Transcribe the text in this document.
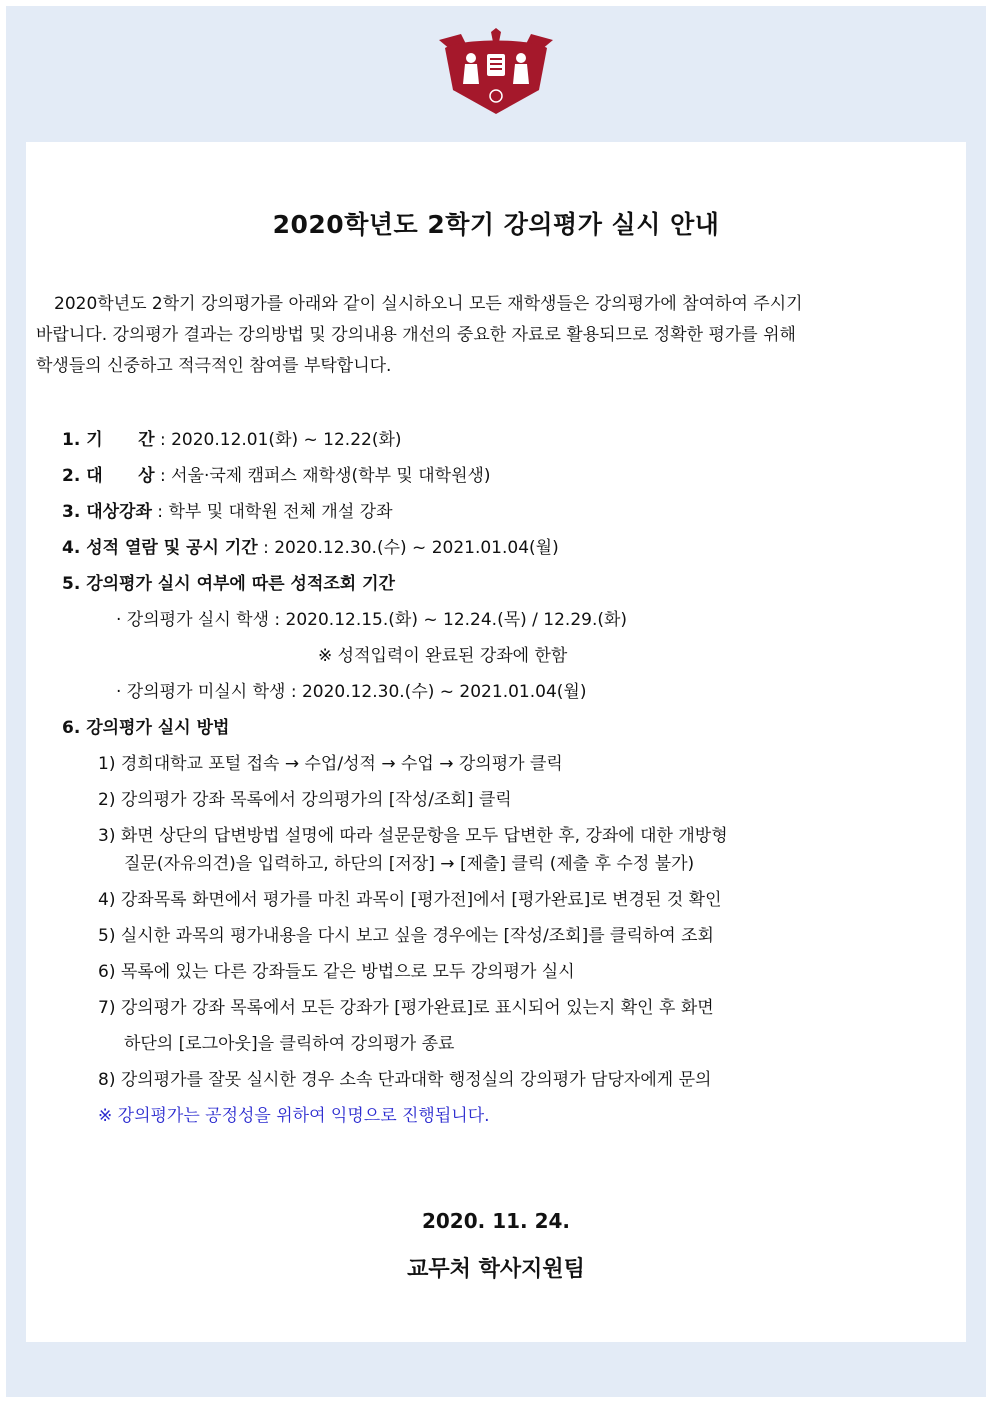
2020학년도 2학기 강의평가 실시 안내
2020학년도 2학기 강의평가를 아래와 같이 실시하오니 모든 재학생들은 강의평가에 참여하여 주시기
바랍니다. 강의평가 결과는 강의방법 및 강의내용 개선의 중요한 자료로 활용되므로 정확한 평가를 위해
학생들의 신중하고 적극적인 참여를 부탁합니다.
1. 기      간 : 2020.12.01(화) ~ 12.22(화)
2. 대      상 : 서울·국제 캠퍼스 재학생(학부 및 대학원생)
3. 대상강좌 : 학부 및 대학원 전체 개설 강좌
4. 성적 열람 및 공시 기간 : 2020.12.30.(수) ~ 2021.01.04(월)
5. 강의평가 실시 여부에 따른 성적조회 기간
· 강의평가 실시 학생 : 2020.12.15.(화) ~ 12.24.(목) / 12.29.(화)
※ 성적입력이 완료된 강좌에 한함
· 강의평가 미실시 학생 : 2020.12.30.(수) ~ 2021.01.04(월)
6. 강의평가 실시 방법
1) 경희대학교 포털 접속 → 수업/성적 → 수업 → 강의평가 클릭
2) 강의평가 강좌 목록에서 강의평가의 [작성/조회] 클릭
3) 화면 상단의 답변방법 설명에 따라 설문문항을 모두 답변한 후, 강좌에 대한 개방형
질문(자유의견)을 입력하고, 하단의 [저장] → [제출] 클릭 (제출 후 수정 불가)
4) 강좌목록 화면에서 평가를 마친 과목이 [평가전]에서 [평가완료]로 변경된 것 확인
5) 실시한 과목의 평가내용을 다시 보고 싶을 경우에는 [작성/조회]를 클릭하여 조회
6) 목록에 있는 다른 강좌들도 같은 방법으로 모두 강의평가 실시
7) 강의평가 강좌 목록에서 모든 강좌가 [평가완료]로 표시되어 있는지 확인 후 화면
하단의 [로그아웃]을 클릭하여 강의평가 종료
8) 강의평가를 잘못 실시한 경우 소속 단과대학 행정실의 강의평가 담당자에게 문의
※ 강의평가는 공정성을 위하여 익명으로 진행됩니다.
2020. 11. 24.
교무처 학사지원팀
